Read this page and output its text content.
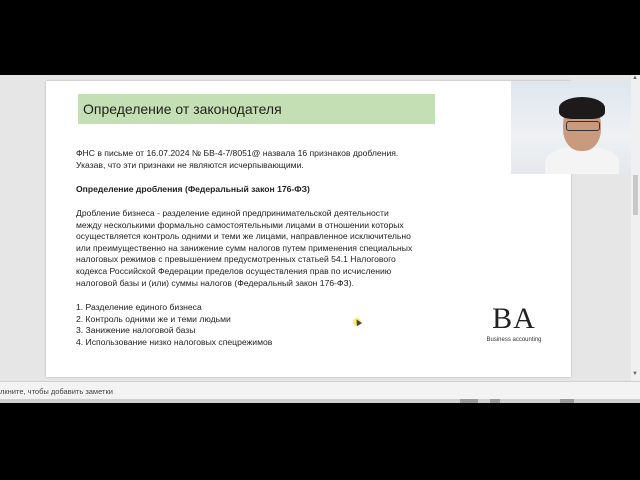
Определение от законодателя
ФНС в письме от 16.07.2024 № БВ-4-7/8051@ назвала 16 признаков дробления.
Указав, что эти признаки не являются исчерпывающими.
Определение дробления (Федеральный закон 176-ФЗ)
Дробление бизнеса - разделение единой предпринимательской деятельности
между несколькими формально самостоятельными лицами в отношении которых
осуществляется контроль одними и теми же лицами, направленное исключительно
или преимущественно на занижение сумм налогов путем применения специальных
налоговых режимов с превышением предусмотренных статьей 54.1 Налогового
кодекса Российской Федерации пределов осуществления прав по исчислению
налоговой базы и (или) суммы налогов (Федеральный закон 176-ФЗ).
1. Разделение единого бизнеса
2. Контроль одними же и теми людьми
3. Занижение налоговой базы
4. Использование низко налоговых спецрежимов
BA
Business accounting
▲
▼
лкните, чтобы добавить заметки
